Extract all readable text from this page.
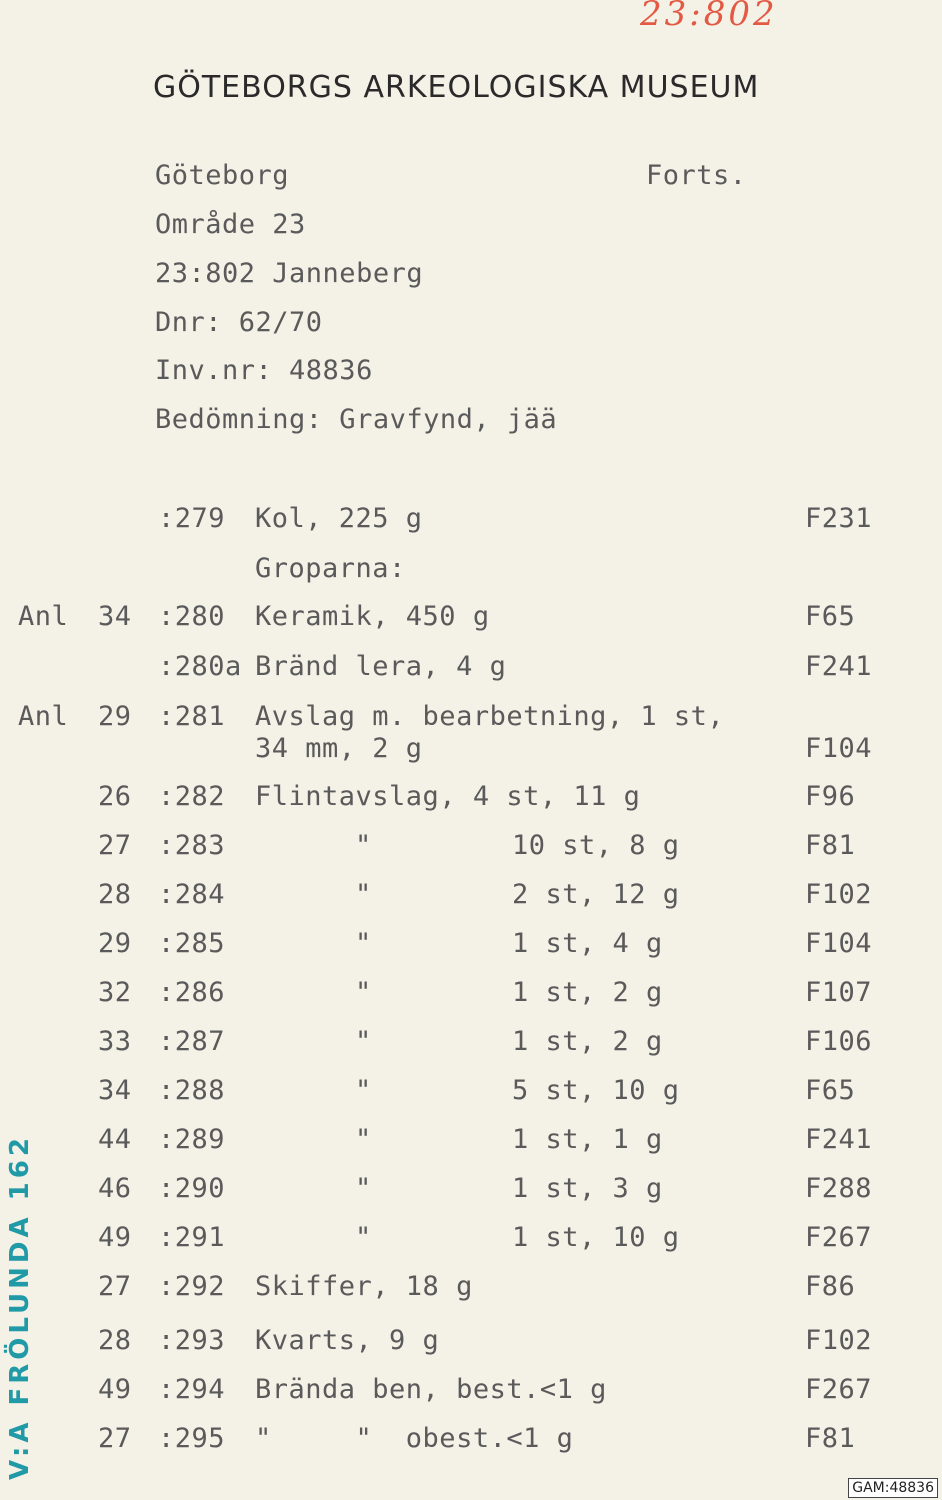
23:802
GÖTEBORGS ARKEOLOGISKA MUSEUM
Göteborg	Forts.
Område 23
23:802 Janneberg
Dnr: 62/70
Inv.nr: 48836
Bedömning: Gravfynd, jää
:279 Kol, 225 g	F231
Groparna:
Anl 34 :280 Keramik, 450 g	F65
:280a Bränd lera, 4 g	F241
Anl 29 :281 Avslag m. bearbetning, 1 st,
34 mm, 2 g	F104
26 :282 Flintavslag, 4 st, 11 g	F96
27 :283	"	10 st, 8 g	F81
28 :284	"	2 st, 12 g	F102
29 :285	"	1 st, 4 g	F104
32 :286	"	1 st, 2 g	F107
33 :287	"	1 st, 2 g	F106
34 :288	"	5 st, 10 g	F65
44 :289	"	1 st, 1 g	F241
46 :290	"	1 st, 3 g	F288
49 :291	"	1 st, 10 g	F267
27 :292 Skiffer, 18 g	F86
28 :293 Kvarts, 9 g	F102
49 :294 Brända ben, best.<1 g	F267
27 :295 "     "  obest.<1 g	F81
V:A FRÖLUNDA 162
GAM:48836
